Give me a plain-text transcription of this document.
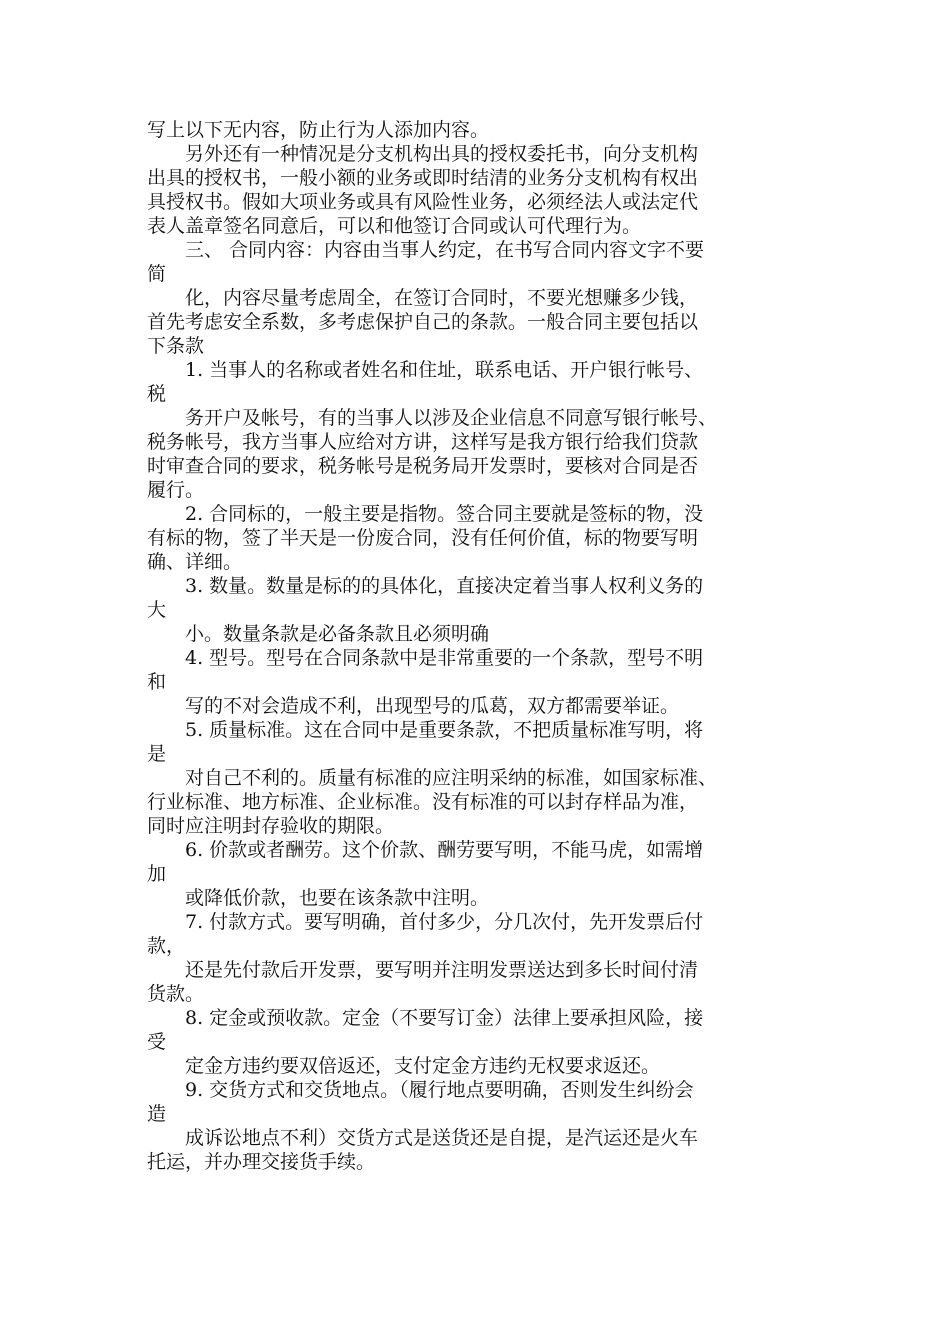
写上以下无内容，防止行为人添加内容。
另外还有一种情况是分支机构出具的授权委托书，向分支机构
出具的授权书，一般小额的业务或即时结清的业务分支机构有权出
具授权书。假如大项业务或具有风险性业务，必须经法人或法定代
表人盖章签名同意后，可以和他签订合同或认可代理行为。
三、 合同内容：内容由当事人约定，在书写合同内容文字不要
简
化，内容尽量考虑周全，在签订合同时，不要光想赚多少钱，
首先考虑安全系数，多考虑保护自己的条款。一般合同主要包括以
下条款
1. 当事人的名称或者姓名和住址，联系电话、开户银行帐号、
税
务开户及帐号，有的当事人以涉及企业信息不同意写银行帐号、
税务帐号，我方当事人应给对方讲，这样写是我方银行给我们贷款
时审查合同的要求，税务帐号是税务局开发票时，要核对合同是否
履行。
2. 合同标的，一般主要是指物。签合同主要就是签标的物，没
有标的物，签了半天是一份废合同，没有任何价值，标的物要写明
确、详细。
3. 数量。数量是标的的具体化，直接决定着当事人权利义务的
大
小。数量条款是必备条款且必须明确
4. 型号。型号在合同条款中是非常重要的一个条款，型号不明
和
写的不对会造成不利，出现型号的瓜葛，双方都需要举证。
5. 质量标准。这在合同中是重要条款，不把质量标准写明，将
是
对自己不利的。质量有标准的应注明采纳的标准，如国家标准、
行业标准、地方标准、企业标准。没有标准的可以封存样品为准，
同时应注明封存验收的期限。
6. 价款或者酬劳。这个价款、酬劳要写明，不能马虎，如需增
加
或降低价款，也要在该条款中注明。
7. 付款方式。要写明确，首付多少，分几次付，先开发票后付
款，
还是先付款后开发票，要写明并注明发票送达到多长时间付清
货款。
8. 定金或预收款。定金（不要写订金）法律上要承担风险，接
受
定金方违约要双倍返还，支付定金方违约无权要求返还。
9. 交货方式和交货地点。（履行地点要明确，否则发生纠纷会
造
成诉讼地点不利）交货方式是送货还是自提，是汽运还是火车
托运，并办理交接货手续。
